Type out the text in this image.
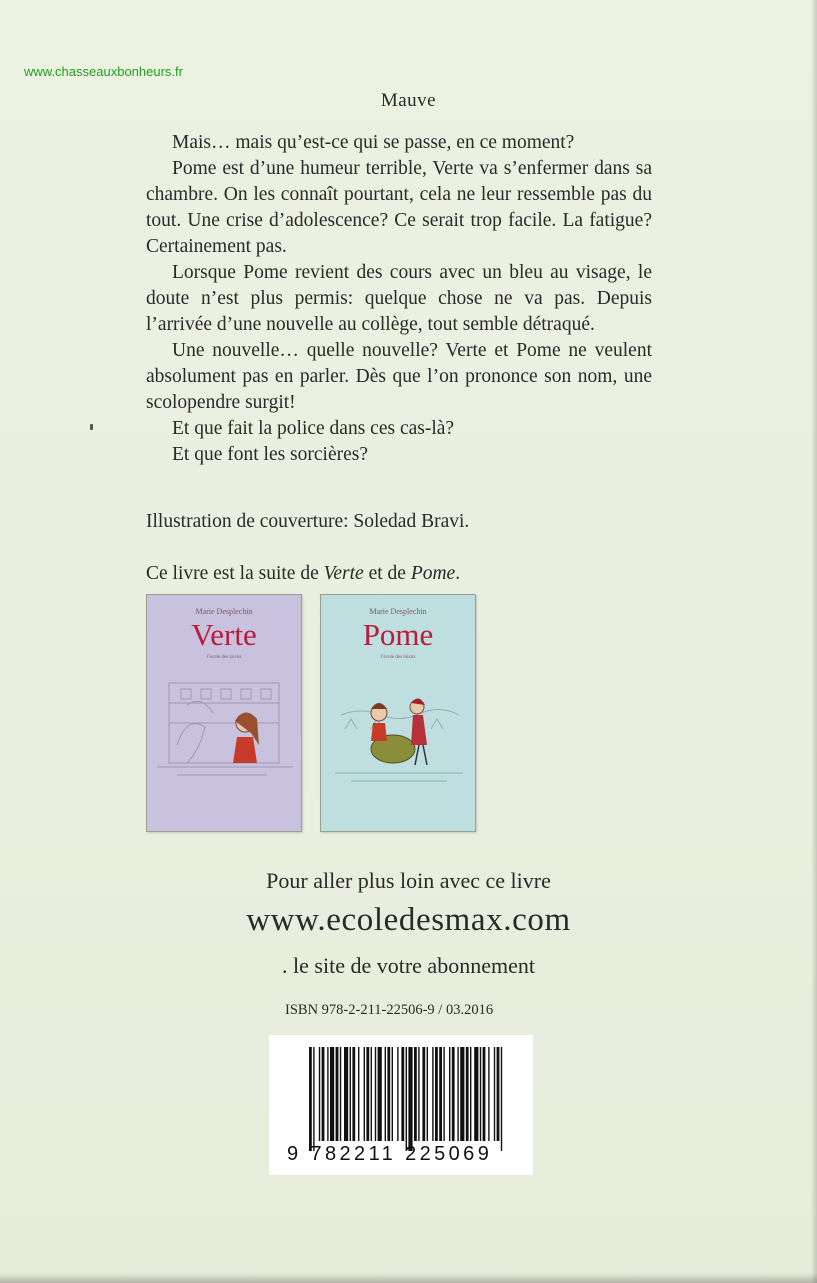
www.chasseauxbonheurs.fr
Mauve

Mais… mais qu’est-ce qui se passe, en ce moment?

Pome est d’une humeur terrible, Verte va s’enfermer dans sa chambre. On les connaît pourtant, cela ne leur ressemble pas du tout. Une crise d’adolescence? Ce serait trop facile. La fatigue? Certainement pas.

Lorsque Pome revient des cours avec un bleu au visage, le doute n’est plus permis: quelque chose ne va pas. Depuis l’arrivée d’une nouvelle au collège, tout semble détraqué.

Une nouvelle… quelle nouvelle? Verte et Pome ne veulent absolument pas en parler. Dès que l’on prononce son nom, une scolopendre surgit!

Et que fait la police dans ces cas-là?

Et que font les sorcières?

Illustration de couverture: Soledad Bravi.
Ce livre est la suite de Verte et de Pome.
Marie Desplechin
Verte
l’école des loisirs
Marie Desplechin
Pome
l’école des loisirs
Pour aller plus loin avec ce livre
www.ecoledesmax.com
. le site de votre abonnement
ISBN 978-2-211-22506-9 / 03.2016
9 782211 225069
